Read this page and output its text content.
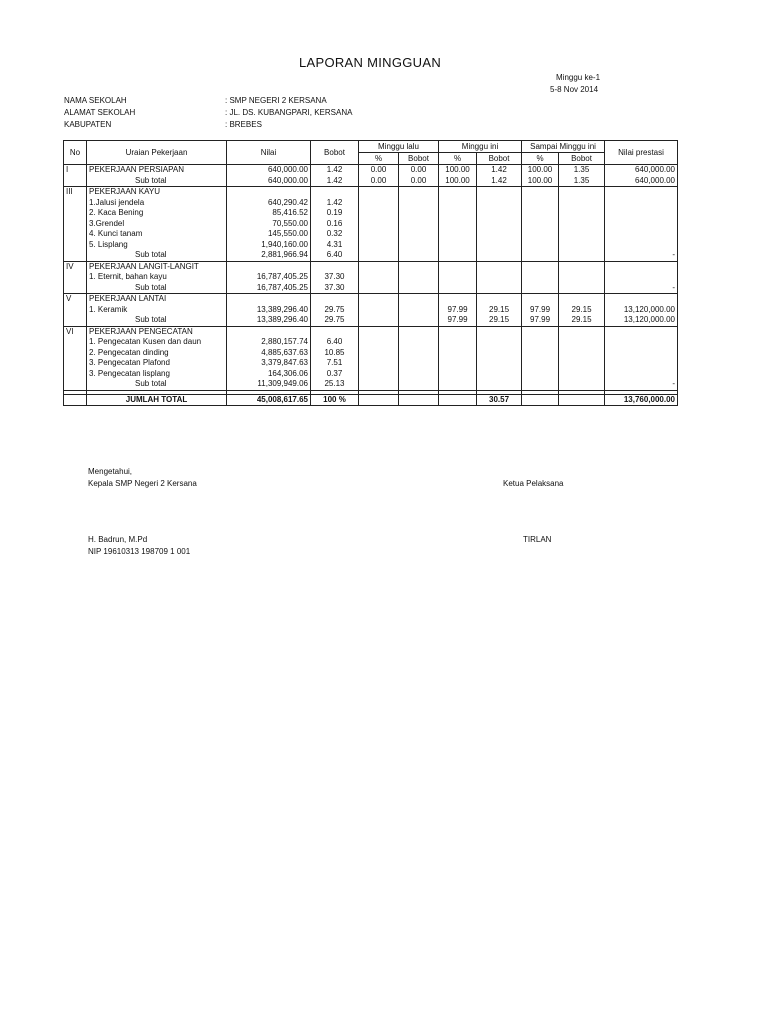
LAPORAN MINGGUAN
Minggu ke-1
5-8 Nov 2014
NAMA SEKOLAH	: SMP NEGERI 2 KERSANA
ALAMAT SEKOLAH	: JL. DS. KUBANGPARI, KERSANA
KABUPATEN	: BREBES
No	Uraian Pekerjaan	Nilai	Bobot	Minggu lalu		Minggu ini		Sampai Minggu ini		Nilai prestasi
				%	Bobot	%	Bobot	%	Bobot	
I	PEKERJAAN PERSIAPAN	640,000.00	1.42	0.00	0.00	100.00	1.42	100.00	1.35	640,000.00
	Sub total	640,000.00	1.42	0.00	0.00	100.00	1.42	100.00	1.35	640,000.00
III	PEKERJAAN KAYU									
	1.Jalusi jendela	640,290.42	1.42							
	2. Kaca Bening	85,416.52	0.19							
	3.Grendel	70,550.00	0.16							
	4. Kunci tanam	145,550.00	0.32							
	5. Lisplang	1,940,160.00	4.31							
	Sub total	2,881,966.94	6.40							-
IV	PEKERJAAN LANGIT-LANGIT									
	1. Eternit, bahan kayu	16,787,405.25	37.30							
	Sub total	16,787,405.25	37.30							-
V	PEKERJAAN LANTAI									
	1. Keramik	13,389,296.40	29.75			97.99	29.15	97.99	29.15	13,120,000.00
	Sub total	13,389,296.40	29.75			97.99	29.15	97.99	29.15	13,120,000.00
VI	PEKERJAAN PENGECATAN									
	1. Pengecatan Kusen dan daun	2,880,157.74	6.40							
	2. Pengecatan dinding	4,885,637.63	10.85							
	3. Pengecatan Plafond	3,379,847.63	7.51							
	3. Pengecatan lisplang	164,306.06	0.37							
	Sub total	11,309,949.06	25.13							-

	JUMLAH TOTAL	45,008,617.65	100 %				30.57			13,760,000.00
Mengetahui,
Kepala SMP Negeri 2 Kersana	Ketua Pelaksana
H. Badrun, M.Pd	TIRLAN
NIP 19610313 198709 1 001
